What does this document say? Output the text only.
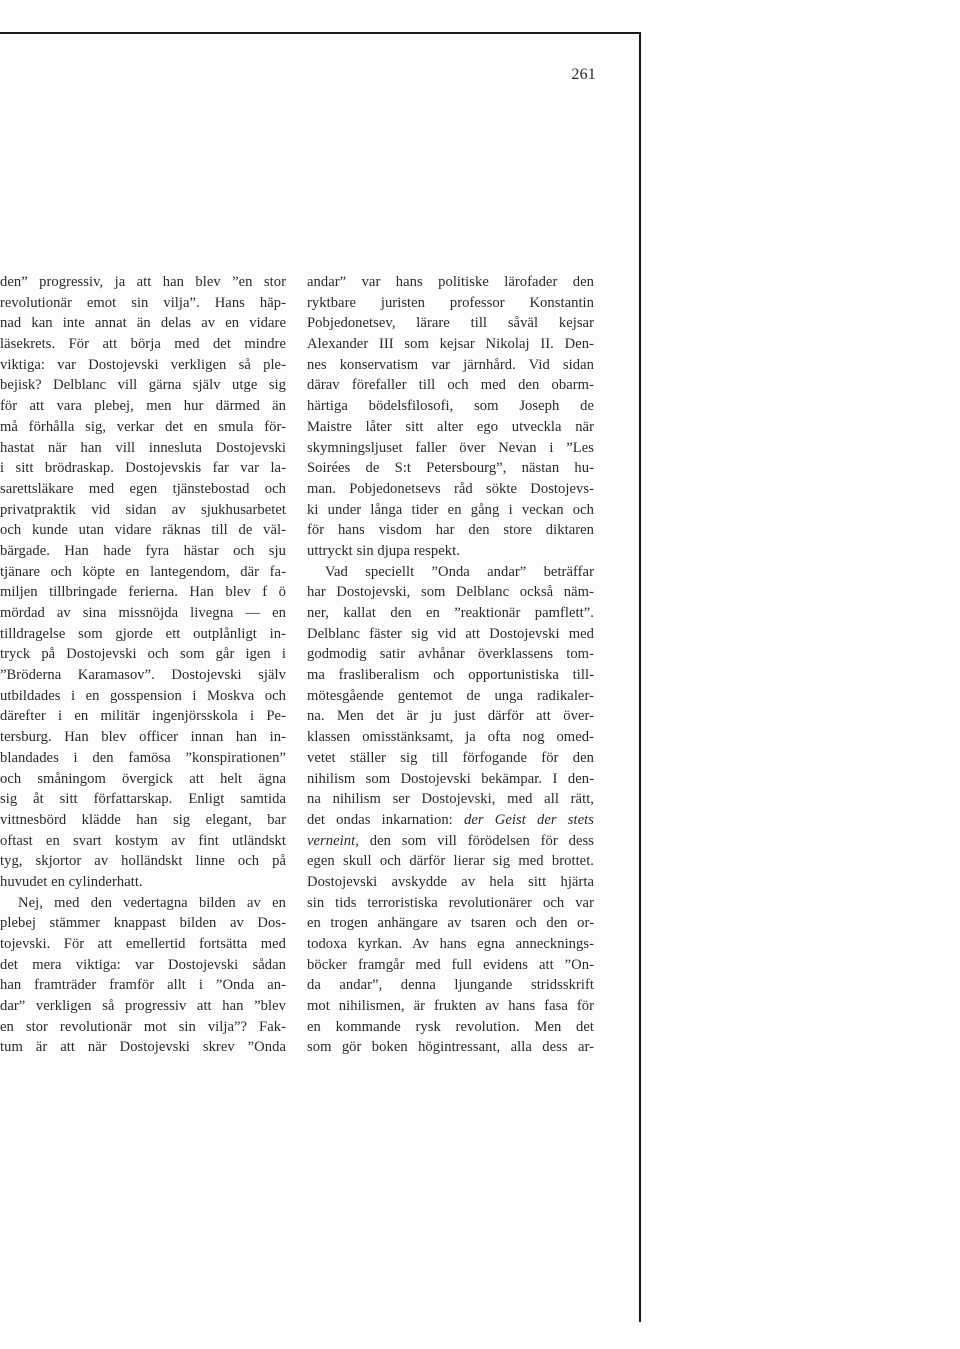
261
den” progressiv, ja att han blev ”en stor
revolutionär emot sin vilja”. Hans häp-
nad kan inte annat än delas av en vidare
läsekrets. För att börja med det mindre
viktiga: var Dostojevski verkligen så ple-
bejisk? Delblanc vill gärna själv utge sig
för att vara plebej, men hur därmed än
må förhålla sig, verkar det en smula för-
hastat när han vill innesluta Dostojevski
i sitt brödraskap. Dostojevskis far var la-
sarettsläkare med egen tjänstebostad och
privatpraktik vid sidan av sjukhusarbetet
och kunde utan vidare räknas till de väl-
bärgade. Han hade fyra hästar och sju
tjänare och köpte en lantegendom, där fa-
miljen tillbringade ferierna. Han blev f ö
mördad av sina missnöjda livegna — en
tilldragelse som gjorde ett outplånligt in-
tryck på Dostojevski och som går igen i
”Bröderna Karamasov”. Dostojevski själv
utbildades i en gosspension i Moskva och
därefter i en militär ingenjörsskola i Pe-
tersburg. Han blev officer innan han in-
blandades i den famösa ”konspirationen”
och småningom övergick att helt ägna
sig åt sitt författarskap. Enligt samtida
vittnesbörd klädde han sig elegant, bar
oftast en svart kostym av fint utländskt
tyg, skjortor av holländskt linne och på
huvudet en cylinderhatt.
Nej, med den vedertagna bilden av en
plebej stämmer knappast bilden av Dos-
tojevski. För att emellertid fortsätta med
det mera viktiga: var Dostojevski sådan
han framträder framför allt i ”Onda an-
dar” verkligen så progressiv att han ”blev
en stor revolutionär mot sin vilja”? Fak-
tum är att när Dostojevski skrev ”Onda
andar” var hans politiske lärofader den
ryktbare juristen professor Konstantin
Pobjedonetsev, lärare till såväl kejsar
Alexander III som kejsar Nikolaj II. Den-
nes konservatism var järnhård. Vid sidan
därav förefaller till och med den obarm-
härtiga bödelsfilosofi, som Joseph de
Maistre låter sitt alter ego utveckla när
skymningsljuset faller över Nevan i ”Les
Soirées de S:t Petersbourg”, nästan hu-
man. Pobjedonetsevs råd sökte Dostojevs-
ki under långa tider en gång i veckan och
för hans visdom har den store diktaren
uttryckt sin djupa respekt.
Vad speciellt ”Onda andar” beträffar
har Dostojevski, som Delblanc också näm-
ner, kallat den en ”reaktionär pamflett”.
Delblanc fäster sig vid att Dostojevski med
godmodig satir avhånar överklassens tom-
ma frasliberalism och opportunistiska till-
mötesgående gentemot de unga radikaler-
na. Men det är ju just därför att över-
klassen omisstänksamt, ja ofta nog omed-
vetet ställer sig till förfogande för den
nihilism som Dostojevski bekämpar. I den-
na nihilism ser Dostojevski, med all rätt,
det ondas inkarnation: der Geist der stets
verneint, den som vill förödelsen för dess
egen skull och därför lierar sig med brottet.
Dostojevski avskydde av hela sitt hjärta
sin tids terroristiska revolutionärer och var
en trogen anhängare av tsaren och den or-
todoxa kyrkan. Av hans egna annecknings-
böcker framgår med full evidens att ”On-
da andar”, denna ljungande stridsskrift
mot nihilismen, är frukten av hans fasa för
en kommande rysk revolution. Men det
som gör boken högintressant, alla dess ar-
